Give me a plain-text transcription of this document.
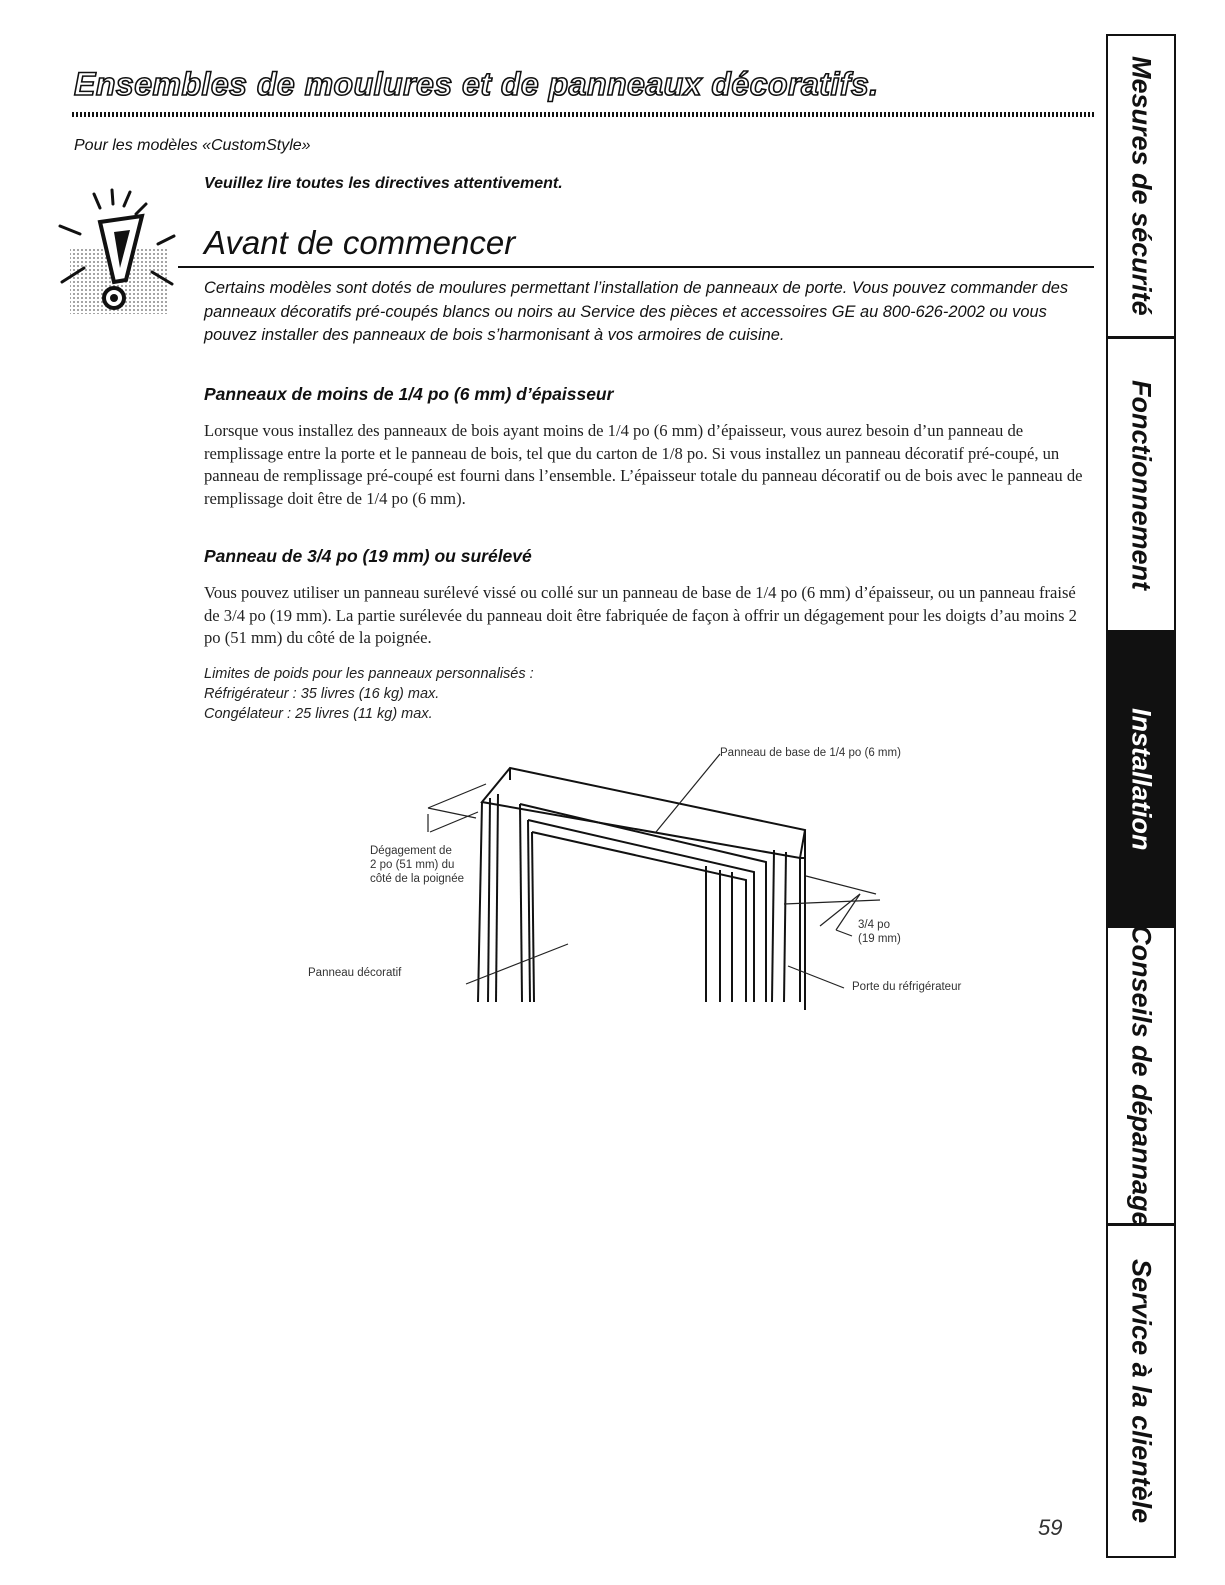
Ensembles de moulures et de panneaux décoratifs.
Pour les modèles «CustomStyle»
Veuillez lire toutes les directives attentivement.
Avant de commencer

Certains modèles sont dotés de moulures permettant l’installation de panneaux de porte. Vous pouvez commander des panneaux décoratifs pré-coupés blancs ou noirs au Service des pièces et accessoires GE au 800-626-2002 ou vous pouvez installer des panneaux de bois s’harmonisant à vos armoires de cuisine.

Panneaux de moins de 1/4 po (6 mm) d’épaisseur

Lorsque vous installez des panneaux de bois ayant moins de 1/4 po (6 mm) d’épaisseur, vous aurez besoin d’un panneau de remplissage entre la porte et le panneau de bois, tel que du carton de 1/8 po. Si vous installez un panneau décoratif pré-coupé, un panneau de remplissage pré-coupé est fourni dans l’ensemble. L’épaisseur totale du panneau décoratif ou de bois avec le panneau de remplissage doit être de 1/4 po (6 mm).

Panneau de 3/4 po (19 mm) ou surélevé

Vous pouvez utiliser un panneau surélevé vissé ou collé sur un panneau de base de 1/4 po (6 mm) d’épaisseur, ou un panneau fraisé de 3/4 po (19 mm). La partie surélevée du panneau doit être fabriquée de façon à offrir un dégagement pour les doigts d’au moins 2 po (51 mm) du côté de la poignée.

Limites de poids pour les panneaux personnalisés :
Réfrigérateur : 35 livres (16 kg) max.
Congélateur : 25 livres (11 kg) max.
Panneau de base de 1/4 po (6 mm)
Dégagement de
2 po (51 mm) du
côté de la poignée
Panneau décoratif
3/4 po
(19 mm)
Porte du réfrigérateur
59
Mesures de sécurité
Fonctionnement
Installation
Conseils de dépannage
Service à la clientèle
